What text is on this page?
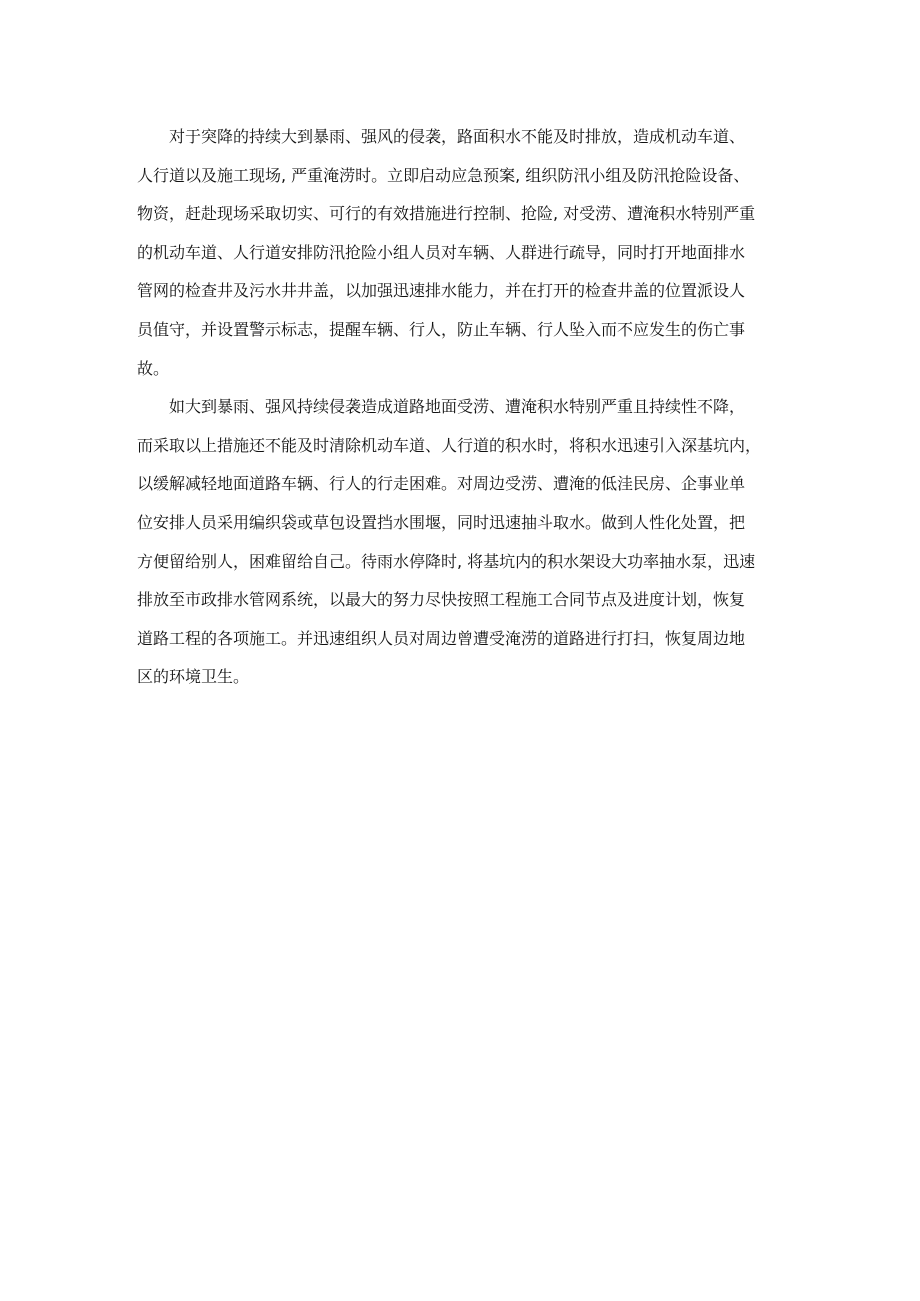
对于突降的持续大到暴雨、强风的侵袭，路面积水不能及时排放，造成机动车道、
人行道以及施工现场, 严重淹涝时。立即启动应急预案, 组织防汛小组及防汛抢险设备、
物资，赶赴现场采取切实、可行的有效措施进行控制、抢险, 对受涝、遭淹积水特别严重
的机动车道、人行道安排防汛抢险小组人员对车辆、人群进行疏导，同时打开地面排水
管网的检查井及污水井井盖，以加强迅速排水能力，并在打开的检查井盖的位置派设人
员值守，并设置警示标志，提醒车辆、行人，防止车辆、行人坠入而不应发生的伤亡事
故。
如大到暴雨、强风持续侵袭造成道路地面受涝、遭淹积水特别严重且持续性不降，
而采取以上措施还不能及时清除机动车道、人行道的积水时，将积水迅速引入深基坑内，
以缓解减轻地面道路车辆、行人的行走困难。对周边受涝、遭淹的低洼民房、企事业单
位安排人员采用编织袋或草包设置挡水围堰，同时迅速抽斗取水。做到人性化处置，把
方便留给别人，困难留给自己。待雨水停降时, 将基坑内的积水架设大功率抽水泵，迅速
排放至市政排水管网系统，以最大的努力尽快按照工程施工合同节点及进度计划，恢复
道路工程的各项施工。并迅速组织人员对周边曾遭受淹涝的道路进行打扫，恢复周边地
区的环境卫生。
